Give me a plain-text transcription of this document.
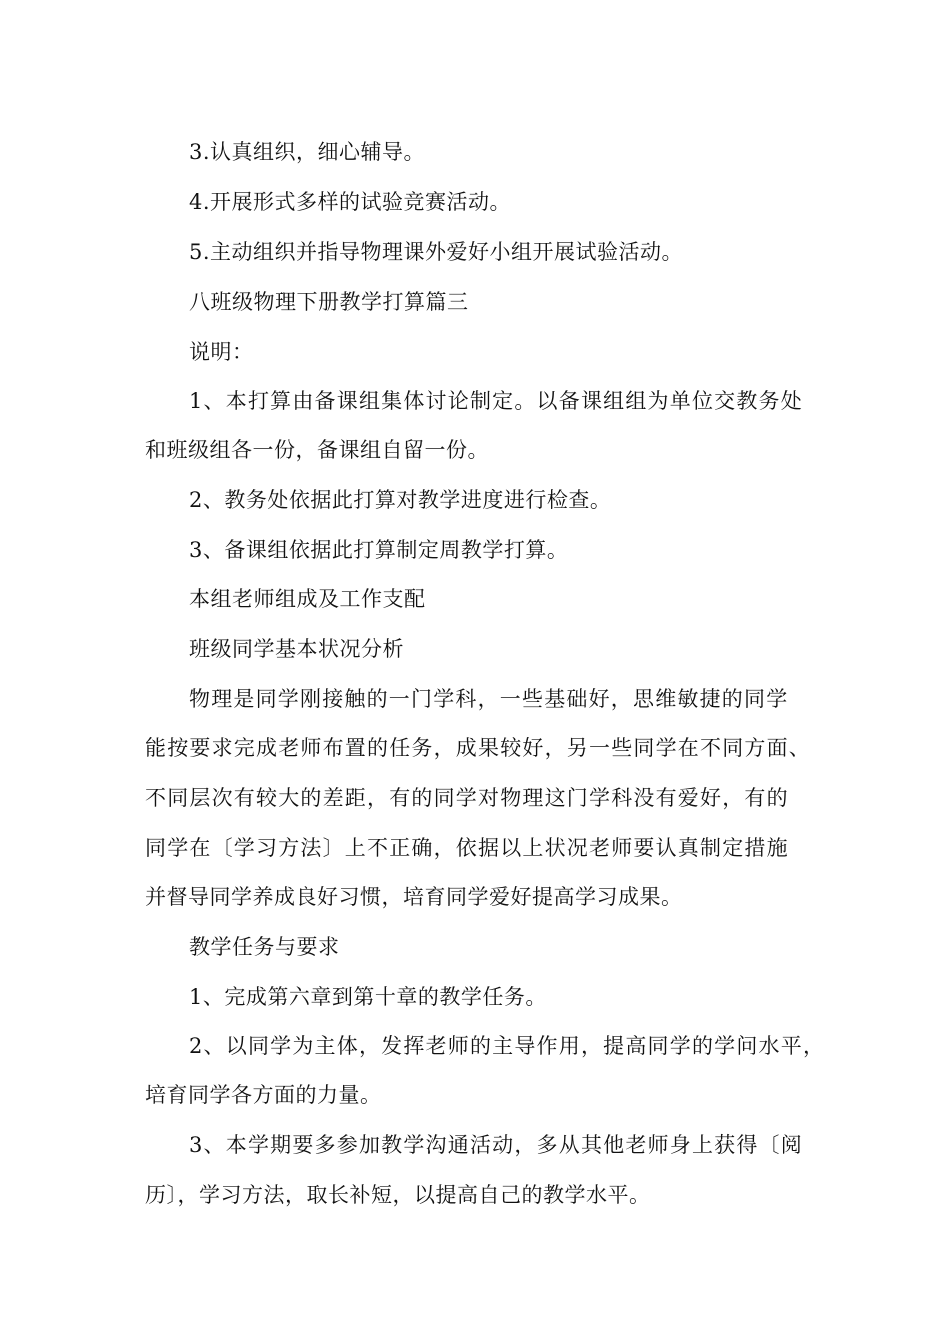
3.认真组织，细心辅导。
4.开展形式多样的试验竞赛活动。
5.主动组织并指导物理课外爱好小组开展试验活动。
八班级物理下册教学打算篇三
说明：
1、本打算由备课组集体讨论制定。以备课组组为单位交教务处
和班级组各一份，备课组自留一份。
2、教务处依据此打算对教学进度进行检查。
3、备课组依据此打算制定周教学打算。
本组老师组成及工作支配
班级同学基本状况分析
物理是同学刚接触的一门学科，一些基础好，思维敏捷的同学
能按要求完成老师布置的任务，成果较好，另一些同学在不同方面、
不同层次有较大的差距，有的同学对物理这门学科没有爱好，有的
同学在〔学习方法〕上不正确，依据以上状况老师要认真制定措施
并督导同学养成良好习惯，培育同学爱好提高学习成果。
教学任务与要求
1、完成第六章到第十章的教学任务。
2、以同学为主体，发挥老师的主导作用，提高同学的学问水平，
培育同学各方面的力量。
3、本学期要多参加教学沟通活动，多从其他老师身上获得〔阅
历〕，学习方法，取长补短，以提高自己的教学水平。
